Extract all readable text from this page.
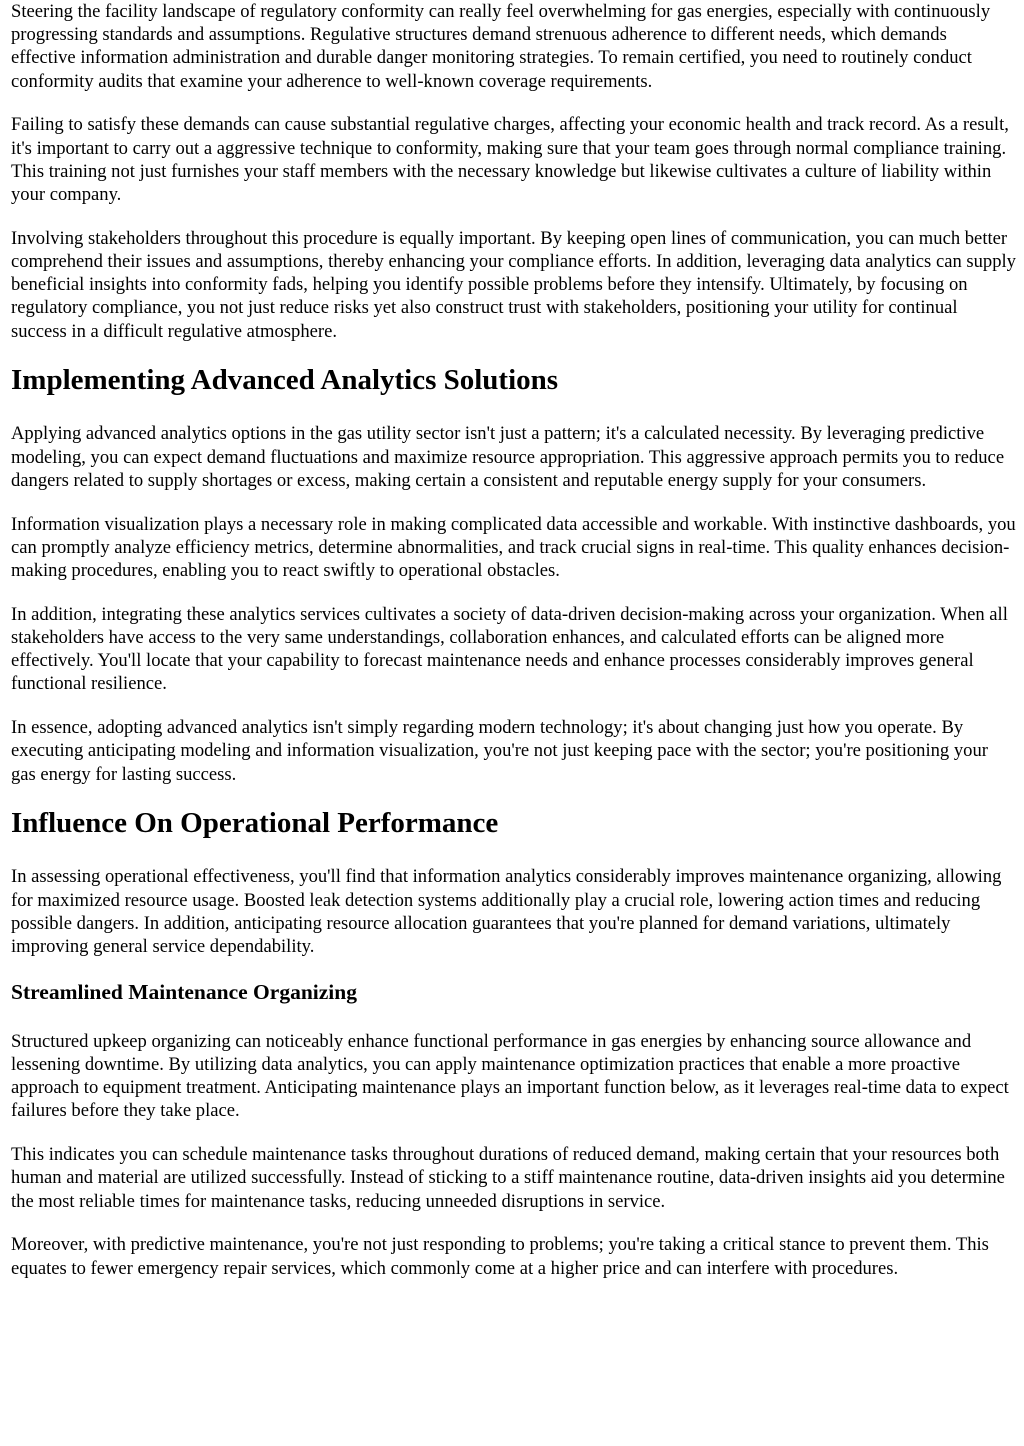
Steering the facility landscape of regulatory conformity can really feel overwhelming for gas energies, especially with continuously progressing standards and assumptions. Regulative structures demand strenuous adherence to different needs, which demands effective information administration and durable danger monitoring strategies. To remain certified, you need to routinely conduct conformity audits that examine your adherence to well-known coverage requirements.

Failing to satisfy these demands can cause substantial regulative charges, affecting your economic health and track record. As a result, it's important to carry out a aggressive technique to conformity, making sure that your team goes through normal compliance training. This training not just furnishes your staff members with the necessary knowledge but likewise cultivates a culture of liability within your company.

Involving stakeholders throughout this procedure is equally important. By keeping open lines of communication, you can much better comprehend their issues and assumptions, thereby enhancing your compliance efforts. In addition, leveraging data analytics can supply beneficial insights into conformity fads, helping you identify possible problems before they intensify. Ultimately, by focusing on regulatory compliance, you not just reduce risks yet also construct trust with stakeholders, positioning your utility for continual success in a difficult regulative atmosphere.

Implementing Advanced Analytics Solutions

Applying advanced analytics options in the gas utility sector isn't just a pattern; it's a calculated necessity. By leveraging predictive modeling, you can expect demand fluctuations and maximize resource appropriation. This aggressive approach permits you to reduce dangers related to supply shortages or excess, making certain a consistent and reputable energy supply for your consumers.

Information visualization plays a necessary role in making complicated data accessible and workable. With instinctive dashboards, you can promptly analyze efficiency metrics, determine abnormalities, and track crucial signs in real-time. This quality enhances decision-making procedures, enabling you to react swiftly to operational obstacles.

In addition, integrating these analytics services cultivates a society of data-driven decision-making across your organization. When all stakeholders have access to the very same understandings, collaboration enhances, and calculated efforts can be aligned more effectively. You'll locate that your capability to forecast maintenance needs and enhance processes considerably improves general functional resilience.

In essence, adopting advanced analytics isn't simply regarding modern technology; it's about changing just how you operate. By executing anticipating modeling and information visualization, you're not just keeping pace with the sector; you're positioning your gas energy for lasting success.

Influence On Operational Performance

In assessing operational effectiveness, you'll find that information analytics considerably improves maintenance organizing, allowing for maximized resource usage. Boosted leak detection systems additionally play a crucial role, lowering action times and reducing possible dangers. In addition, anticipating resource allocation guarantees that you're planned for demand variations, ultimately improving general service dependability.

Streamlined Maintenance Organizing

Structured upkeep organizing can noticeably enhance functional performance in gas energies by enhancing source allowance and lessening downtime. By utilizing data analytics, you can apply maintenance optimization practices that enable a more proactive approach to equipment treatment. Anticipating maintenance plays an important function below, as it leverages real-time data to expect failures before they take place.

This indicates you can schedule maintenance tasks throughout durations of reduced demand, making certain that your resources both human and material are utilized successfully. Instead of sticking to a stiff maintenance routine, data-driven insights aid you determine the most reliable times for maintenance tasks, reducing unneeded disruptions in service.

Moreover, with predictive maintenance, you're not just responding to problems; you're taking a critical stance to prevent them. This equates to fewer emergency repair services, which commonly come at a higher price and can interfere with procedures.
